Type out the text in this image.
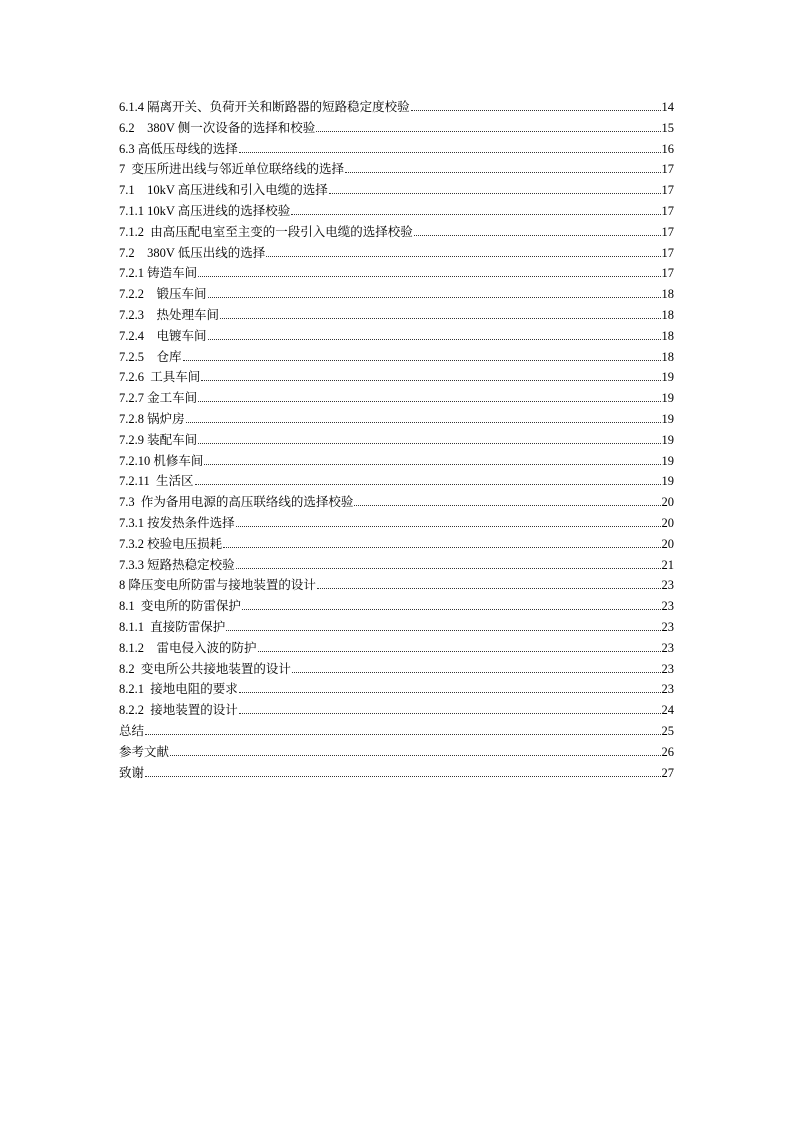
6.1.4 隔离开关、负荷开关和断路器的短路稳定度校验	14
6.2    380V 侧一次设备的选择和校验	15
6.3 高低压母线的选择	16
7  变压所进出线与邻近单位联络线的选择	17
7.1    10kV 高压进线和引入电缆的选择	17
7.1.1 10kV 高压进线的选择校验	17
7.1.2  由高压配电室至主变的一段引入电缆的选择校验	17
7.2    380V 低压出线的选择	17
7.2.1 铸造车间	17
7.2.2    锻压车间	18
7.2.3    热处理车间	18
7.2.4    电镀车间	18
7.2.5    仓库	18
7.2.6  工具车间	19
7.2.7 金工车间	19
7.2.8 锅炉房	19
7.2.9 装配车间	19
7.2.10 机修车间	19
7.2.11  生活区	19
7.3  作为备用电源的高压联络线的选择校验	20
7.3.1 按发热条件选择	20
7.3.2 校验电压损耗	20
7.3.3 短路热稳定校验	21
8 降压变电所防雷与接地装置的设计	23
8.1  变电所的防雷保护	23
8.1.1  直接防雷保护	23
8.1.2    雷电侵入波的防护	23
8.2  变电所公共接地装置的设计	23
8.2.1  接地电阻的要求	23
8.2.2  接地装置的设计	24
总结	25
参考文献	26
致谢	27
